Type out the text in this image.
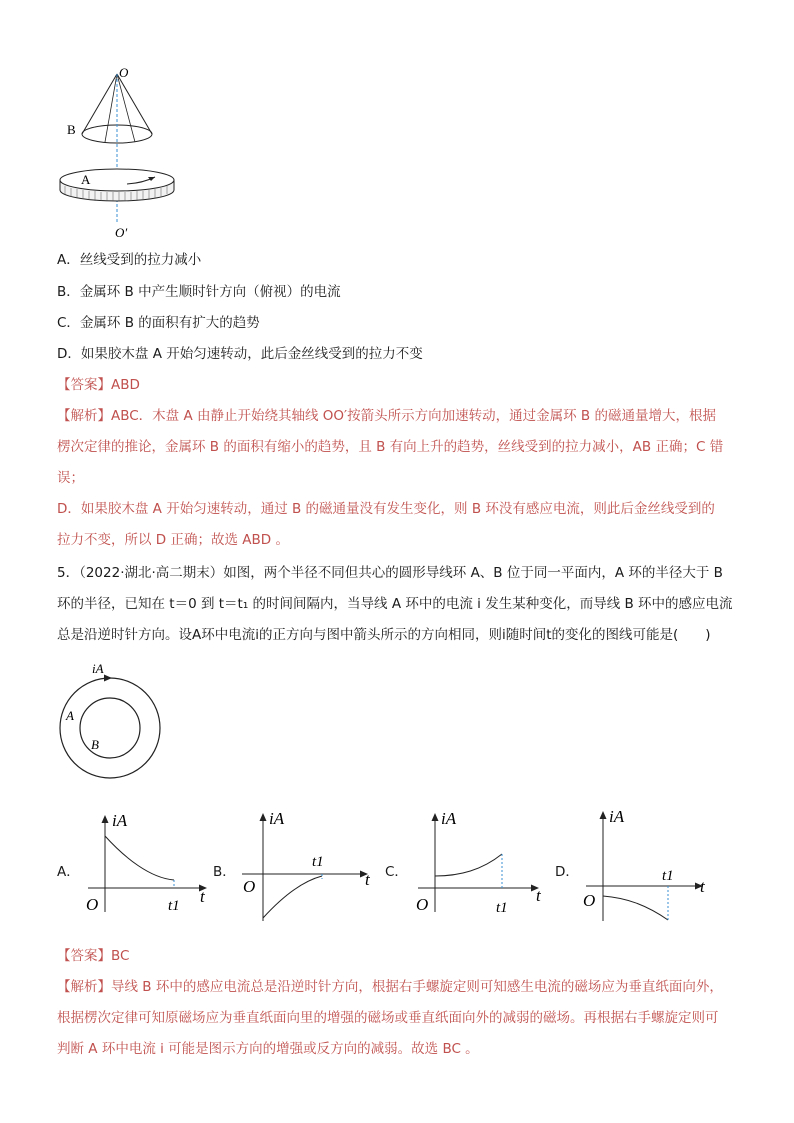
O
B
A
O′
A．丝线受到的拉力减小
B．金属环 B 中产生顺时针方向（俯视）的电流
C．金属环 B 的面积有扩大的趋势
D．如果胶木盘 A 开始匀速转动，此后金丝线受到的拉力不变
【答案】ABD
【解析】ABC．木盘 A 由静止开始绕其轴线 OO′按箭头所示方向加速转动，通过金属环 B 的磁通量增大，根据
楞次定律的推论，金属环 B 的面积有缩小的趋势，且 B 有向上升的趋势，丝线受到的拉力减小，AB 正确；C 错
误；
D．如果胶木盘 A 开始匀速转动，通过 B 的磁通量没有发生变化，则 B 环没有感应电流，则此后金丝线受到的
拉力不变，所以 D 正确；故选 ABD 。
5．（2022·湖北·高二期末）如图，两个半径不同但共心的圆形导线环 A、B 位于同一平面内，A 环的半径大于 B
环的半径，已知在 t＝0 到 t＝t₁ 的时间间隔内，当导线 A 环中的电流 i 发生某种变化，而导线 B 环中的感应电流
总是沿逆时针方向。设A环中电流i的正方向与图中箭头所示的方向相同，则i随时间t的变化的图线可能是(　　)
iA
A
B
A．
iA
t
O	t1
B．
iA
t
O
t1
C．
iA
t
O	t1
D．
iA
t
O
t1
【答案】BC
【解析】导线 B 环中的感应电流总是沿逆时针方向，根据右手螺旋定则可知感生电流的磁场应为垂直纸面向外，
根据楞次定律可知原磁场应为垂直纸面向里的增强的磁场或垂直纸面向外的减弱的磁场。再根据右手螺旋定则可
判断 A 环中电流 i 可能是图示方向的增强或反方向的减弱。故选 BC 。
